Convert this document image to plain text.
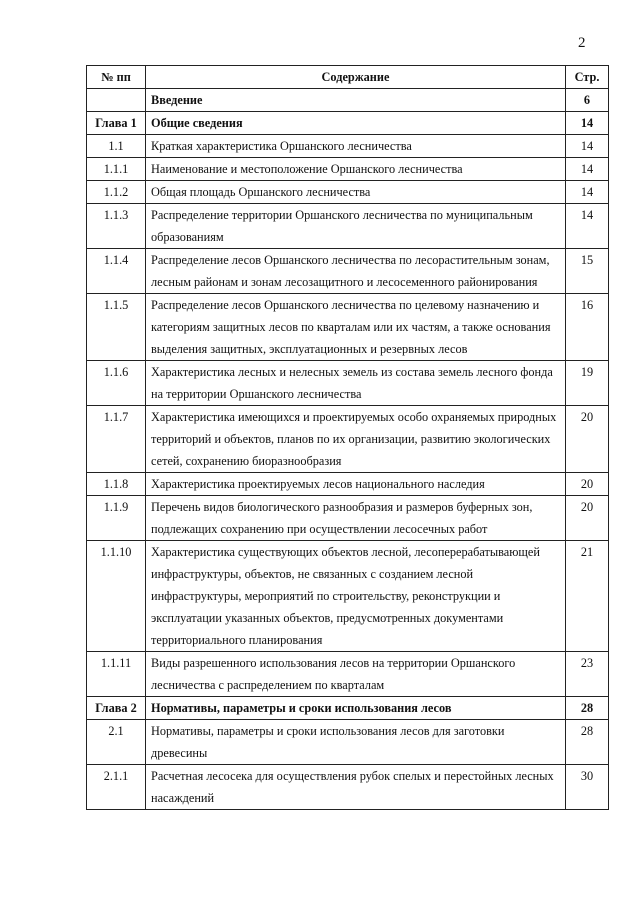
2
№ пп	Содержание	Стр.
	Введение	6
Глава 1	Общие сведения	14
1.1	Краткая характеристика Оршанского лесничества	14
1.1.1	Наименование и местоположение Оршанского лесничества	14
1.1.2	Общая площадь Оршанского лесничества	14
1.1.3	Распределение территории Оршанского лесничества по муниципальным образованиям	14
1.1.4	Распределение лесов Оршанского лесничества по лесорастительным зонам, лесным районам и зонам лесозащитного и лесосеменного районирования	15
1.1.5	Распределение лесов Оршанского лесничества по целевому назначению и категориям защитных лесов по кварталам или их частям, а также основания выделения защитных, эксплуатационных и резервных лесов	16
1.1.6	Характеристика лесных и нелесных земель из состава земель лесного фонда на территории Оршанского лесничества	19
1.1.7	Характеристика имеющихся и проектируемых особо охраняемых природных территорий и объектов, планов по их организации, развитию экологических сетей, сохранению биоразнообразия	20
1.1.8	Характеристика проектируемых лесов национального наследия	20
1.1.9	Перечень видов биологического разнообразия и размеров буферных зон, подлежащих сохранению при осуществлении лесосечных работ	20
1.1.10	Характеристика существующих объектов лесной, лесоперерабатывающей инфраструктуры, объектов, не связанных с созданием лесной инфраструктуры, мероприятий по строительству, реконструкции и эксплуатации указанных объектов, предусмотренных документами территориального планирования	21
1.1.11	Виды разрешенного использования лесов на территории Оршанского лесничества с распределением по кварталам	23
Глава 2	Нормативы, параметры и сроки использования лесов	28
2.1	Нормативы, параметры и сроки использования лесов для заготовки древесины	28
2.1.1	Расчетная лесосека для осуществления рубок спелых и перестойных лесных насаждений	30
